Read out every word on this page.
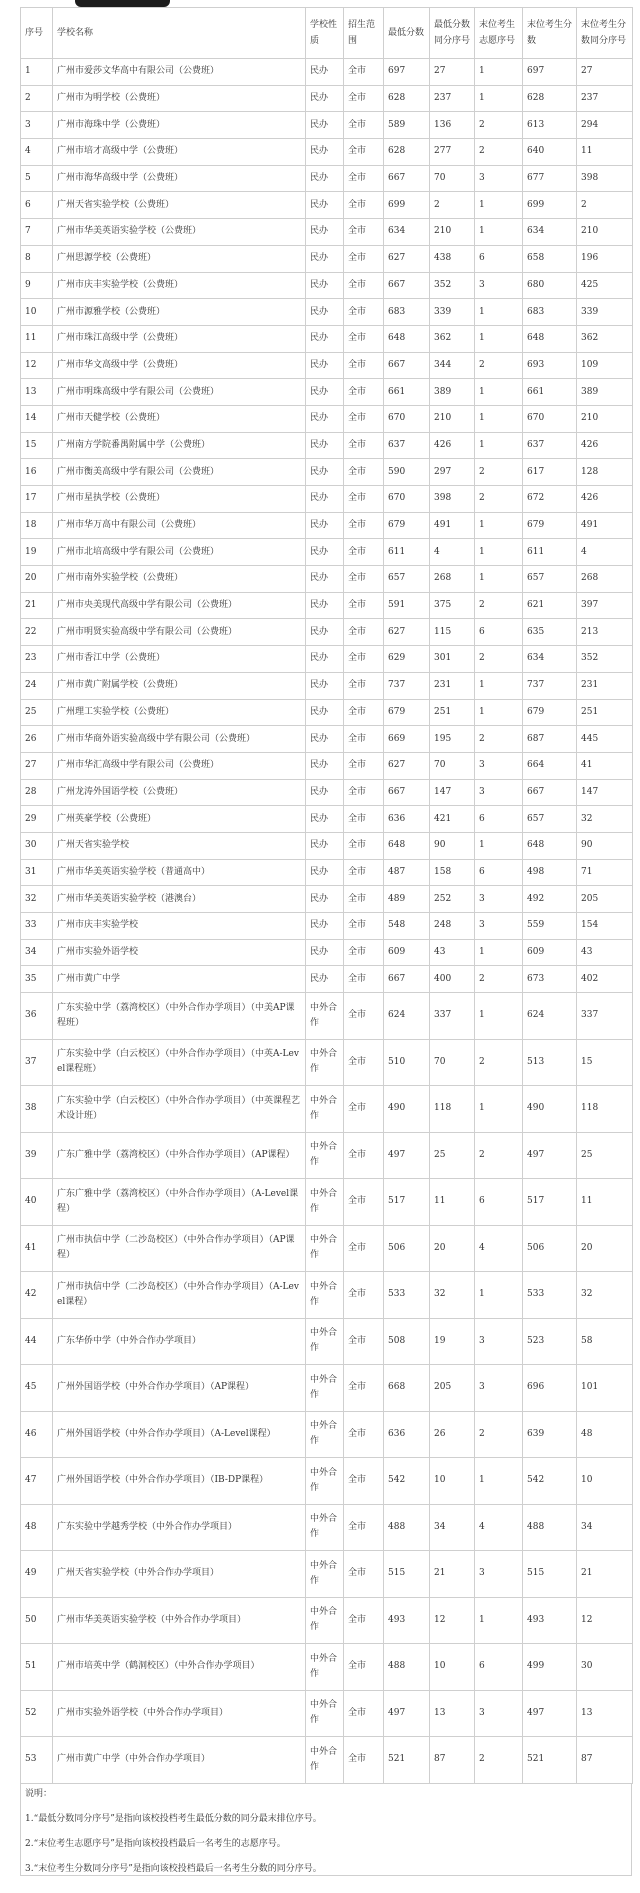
序号	学校名称	学校性质	招生范围	最低分数	最低分数同分序号	末位考生志愿序号	末位考生分数	末位考生分数同分序号
1	广州市爱莎文华高中有限公司（公费班）	民办	全市	697	27	1	697	27
2	广州市为明学校（公费班）	民办	全市	628	237	1	628	237
3	广州市海珠中学（公费班）	民办	全市	589	136	2	613	294
4	广州市培才高级中学（公费班）	民办	全市	628	277	2	640	11
5	广州市海华高级中学（公费班）	民办	全市	667	70	3	677	398
6	广州天省实验学校（公费班）	民办	全市	699	2	1	699	2
7	广州市华美英语实验学校（公费班）	民办	全市	634	210	1	634	210
8	广州思源学校（公费班）	民办	全市	627	438	6	658	196
9	广州市庆丰实验学校（公费班）	民办	全市	667	352	3	680	425
10	广州市源雅学校（公费班）	民办	全市	683	339	1	683	339
11	广州市珠江高级中学（公费班）	民办	全市	648	362	1	648	362
12	广州市华文高级中学（公费班）	民办	全市	667	344	2	693	109
13	广州市明珠高级中学有限公司（公费班）	民办	全市	661	389	1	661	389
14	广州市天健学校（公费班）	民办	全市	670	210	1	670	210
15	广州南方学院番禺附属中学（公费班）	民办	全市	637	426	1	637	426
16	广州市衡美高级中学有限公司（公费班）	民办	全市	590	297	2	617	128
17	广州市星执学校（公费班）	民办	全市	670	398	2	672	426
18	广州市华万高中有限公司（公费班）	民办	全市	679	491	1	679	491
19	广州市北培高级中学有限公司（公费班）	民办	全市	611	4	1	611	4
20	广州市南外实验学校（公费班）	民办	全市	657	268	1	657	268
21	广州市央美现代高级中学有限公司（公费班）	民办	全市	591	375	2	621	397
22	广州市明贤实验高级中学有限公司（公费班）	民办	全市	627	115	6	635	213
23	广州市香江中学（公费班）	民办	全市	629	301	2	634	352
24	广州市黄广附属学校（公费班）	民办	全市	737	231	1	737	231
25	广州理工实验学校（公费班）	民办	全市	679	251	1	679	251
26	广州市华商外语实验高级中学有限公司（公费班）	民办	全市	669	195	2	687	445
27	广州市华汇高级中学有限公司（公费班）	民办	全市	627	70	3	664	41
28	广州龙涛外国语学校（公费班）	民办	全市	667	147	3	667	147
29	广州英豪学校（公费班）	民办	全市	636	421	6	657	32
30	广州天省实验学校	民办	全市	648	90	1	648	90
31	广州市华美英语实验学校（普通高中）	民办	全市	487	158	6	498	71
32	广州市华美英语实验学校（港澳台）	民办	全市	489	252	3	492	205
33	广州市庆丰实验学校	民办	全市	548	248	3	559	154
34	广州市实验外语学校	民办	全市	609	43	1	609	43
35	广州市黄广中学	民办	全市	667	400	2	673	402
36	广东实验中学（荔湾校区）（中外合作办学项目）（中美AP课程班）	中外合作	全市	624	337	1	624	337
37	广东实验中学（白云校区）（中外合作办学项目）（中英A-Level课程班）	中外合作	全市	510	70	2	513	15
38	广东实验中学（白云校区）（中外合作办学项目）（中英课程艺术设计班）	中外合作	全市	490	118	1	490	118
39	广东广雅中学（荔湾校区）（中外合作办学项目）（AP课程）	中外合作	全市	497	25	2	497	25
40	广东广雅中学（荔湾校区）（中外合作办学项目）（A-Level课程）	中外合作	全市	517	11	6	517	11
41	广州市执信中学（二沙岛校区）（中外合作办学项目）（AP课程）	中外合作	全市	506	20	4	506	20
42	广州市执信中学（二沙岛校区）（中外合作办学项目）（A-Level课程）	中外合作	全市	533	32	1	533	32
44	广东华侨中学（中外合作办学项目）	中外合作	全市	508	19	3	523	58
45	广州外国语学校（中外合作办学项目）（AP课程）	中外合作	全市	668	205	3	696	101
46	广州外国语学校（中外合作办学项目）（A-Level课程）	中外合作	全市	636	26	2	639	48
47	广州外国语学校（中外合作办学项目）（IB-DP课程）	中外合作	全市	542	10	1	542	10
48	广东实验中学越秀学校（中外合作办学项目）	中外合作	全市	488	34	4	488	34
49	广州天省实验学校（中外合作办学项目）	中外合作	全市	515	21	3	515	21
50	广州市华美英语实验学校（中外合作办学项目）	中外合作	全市	493	12	1	493	12
51	广州市培英中学（鹤洞校区）（中外合作办学项目）	中外合作	全市	488	10	6	499	30
52	广州市实验外语学校（中外合作办学项目）	中外合作	全市	497	13	3	497	13
53	广州市黄广中学（中外合作办学项目）	中外合作	全市	521	87	2	521	87

说明：

1.“最低分数同分序号”是指向该校投档考生最低分数的同分最末排位序号。

2.“末位考生志愿序号”是指向该校投档最后一名考生的志愿序号。

3.“末位考生分数同分序号”是指向该校投档最后一名考生分数的同分序号。
